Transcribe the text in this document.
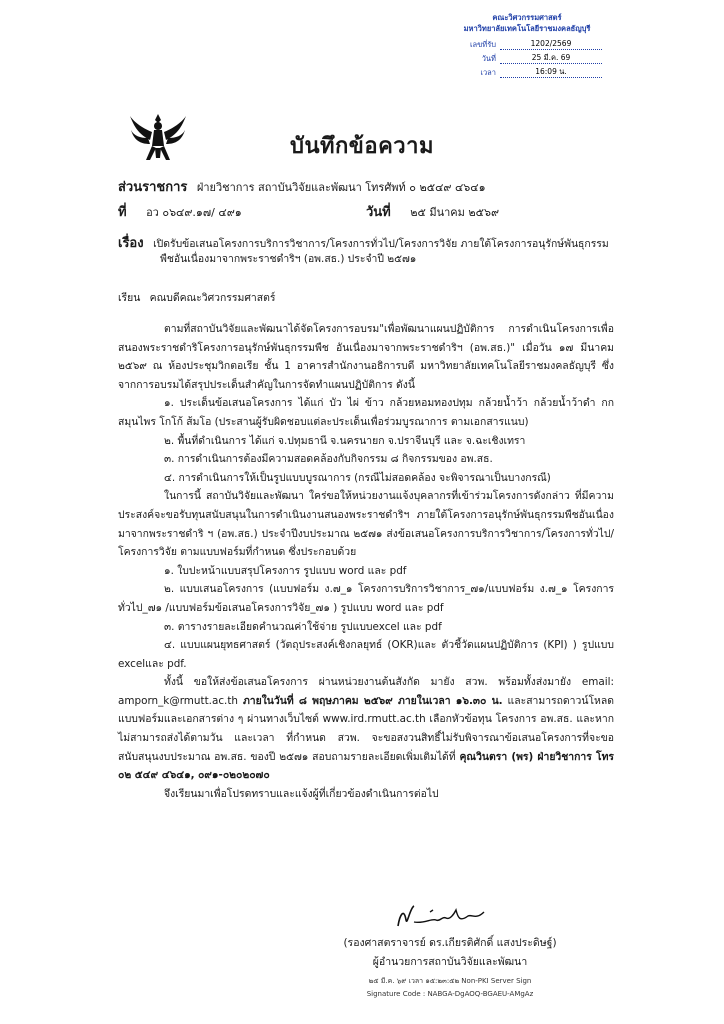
คณะวิศวกรรมศาสตร์
มหาวิทยาลัยเทคโนโลยีราชมงคลธัญบุรี
เลขที่รับ	1202/2569
วันที่	25 มี.ค. 69
เวลา	16:09 น.
บันทึกข้อความ
ส่วนราชการ ฝ่ายวิชาการ สถาบันวิจัยและพัฒนา โทรศัพท์ ๐ ๒๕๔๙ ๔๖๔๑
ที่ อว ๐๖๔๙.๑๗/ ๔๙๑	วันที่ ๒๕ มีนาคม ๒๕๖๙
เรื่อง เปิดรับข้อเสนอโครงการบริการวิชาการ/โครงการทั่วไป/โครงการวิจัย ภายใต้โครงการอนุรักษ์พันธุกรรม
พืชอันเนื่องมาจากพระราชดำริฯ (อพ.สธ.) ประจำปี ๒๕๗๑
เรียน คณบดีคณะวิศวกรรมศาสตร์

ตามที่สถาบันวิจัยและพัฒนาได้จัดโครงการอบรม"เพื่อพัฒนาแผนปฏิบัติการ การดำเนินโครงการเพื่อสนองพระราชดำริโครงการอนุรักษ์พันธุกรรมพืช อันเนื่องมาจากพระราชดำริฯ (อพ.สธ.)" เมื่อวัน ๑๗ มีนาคม ๒๕๖๙ ณ ห้องประชุมวิกตอเรีย ชั้น 1 อาคารสำนักงานอธิการบดี มหาวิทยาลัยเทคโนโลยีราชมงคลธัญบุรี ซึ่งจากการอบรมได้สรุปประเด็นสำคัญในการจัดทำแผนปฏิบัติการ ดังนี้

๑. ประเด็นข้อเสนอโครงการ ได้แก่ บัว ไผ่ ข้าว กล้วยหอมทองปทุม กล้วยน้ำว้า กล้วยน้ำว้าดำ กก สมุนไพร โกโก้ ส้มโอ (ประสานผู้รับผิดชอบแต่ละประเด็นเพื่อร่วมบูรณาการ ตามเอกสารแนบ)

๒. พื้นที่ดำเนินการ ได้แก่ จ.ปทุมธานี จ.นครนายก จ.ปราจีนบุรี และ จ.ฉะเชิงเทรา

๓. การดำเนินการต้องมีความสอดคล้องกับกิจกรรม ๘ กิจกรรมของ อพ.สธ.

๔. การดำเนินการให้เป็นรูปแบบบูรณาการ (กรณีไม่สอดคล้อง จะพิจารณาเป็นบางกรณี)

ในการนี้ สถาบันวิจัยและพัฒนา ใคร่ขอให้หน่วยงานแจ้งบุคลากรที่เข้าร่วมโครงการดังกล่าว ที่มีความประสงค์จะขอรับทุนสนับสนุนในการดำเนินงานสนองพระราชดำริฯ ภายใต้โครงการอนุรักษ์พันธุกรรมพืชอันเนื่องมาจากพระราชดำริ ฯ (อพ.สธ.) ประจำปีงบประมาณ ๒๕๗๑ ส่งข้อเสนอโครงการบริการวิชาการ/โครงการทั่วไป/โครงการวิจัย ตามแบบฟอร์มที่กำหนด ซึ่งประกอบด้วย

๑. ใบปะหน้าแบบสรุปโครงการ รูปแบบ word และ pdf

๒. แบบเสนอโครงการ (แบบฟอร์ม ง.๗_๑ โครงการบริการวิชาการ_๗๑/แบบฟอร์ม ง.๗_๑ โครงการทั่วไป_๗๑ /แบบฟอร์มข้อเสนอโครงการวิจัย_๗๑ ) รูปแบบ word และ pdf

๓. ตารางรายละเอียดคำนวณค่าใช้จ่าย รูปแบบexcel และ pdf

๔. แบบแผนยุทธศาสตร์ (วัตถุประสงค์เชิงกลยุทธ์ (OKR)และ ตัวชี้วัดแผนปฏิบัติการ (KPI) ) รูปแบบ excelและ pdf.

ทั้งนี้ ขอให้ส่งข้อเสนอโครงการ ผ่านหน่วยงานต้นสังกัด มายัง สวพ. พร้อมทั้งส่งมายัง email: amporn_k@rmutt.ac.th ภายในวันที่ ๘ พฤษภาคม ๒๕๖๙ ภายในเวลา ๑๖.๓๐ น. และสามารถดาวน์โหลดแบบฟอร์มและเอกสารต่าง ๆ ผ่านทางเว็บไซต์ www.ird.rmutt.ac.th เลือกหัวข้อทุน โครงการ อพ.สธ. และหากไม่สามารถส่งได้ตามวัน และเวลา ที่กำหนด สวพ. จะขอสงวนสิทธิ์ไม่รับพิจารณาข้อเสนอโครงการที่จะขอสนับสนุนงบประมาณ อพ.สธ. ของปี ๒๕๗๑ สอบถามรายละเอียดเพิ่มเติมได้ที่ คุณวินตรา (พร) ฝ่ายวิชาการ โทร ๐๒ ๕๔๙ ๔๖๔๑, ๐๙๑-๐๒๐๒๐๗๐

จึงเรียนมาเพื่อโปรดทราบและแจ้งผู้ที่เกี่ยวข้องดำเนินการต่อไป

(รองศาสตราจารย์ ดร.เกียรติศักดิ์ แสงประดิษฐ์)
ผู้อำนวยการสถาบันวิจัยและพัฒนา
๒๕ มี.ค. ๖๙ เวลา ๑๕:๒๓:๕๒ Non-PKI Server Sign
Signature Code : NABGA-DgAOQ-BGAEU-AMgAz
